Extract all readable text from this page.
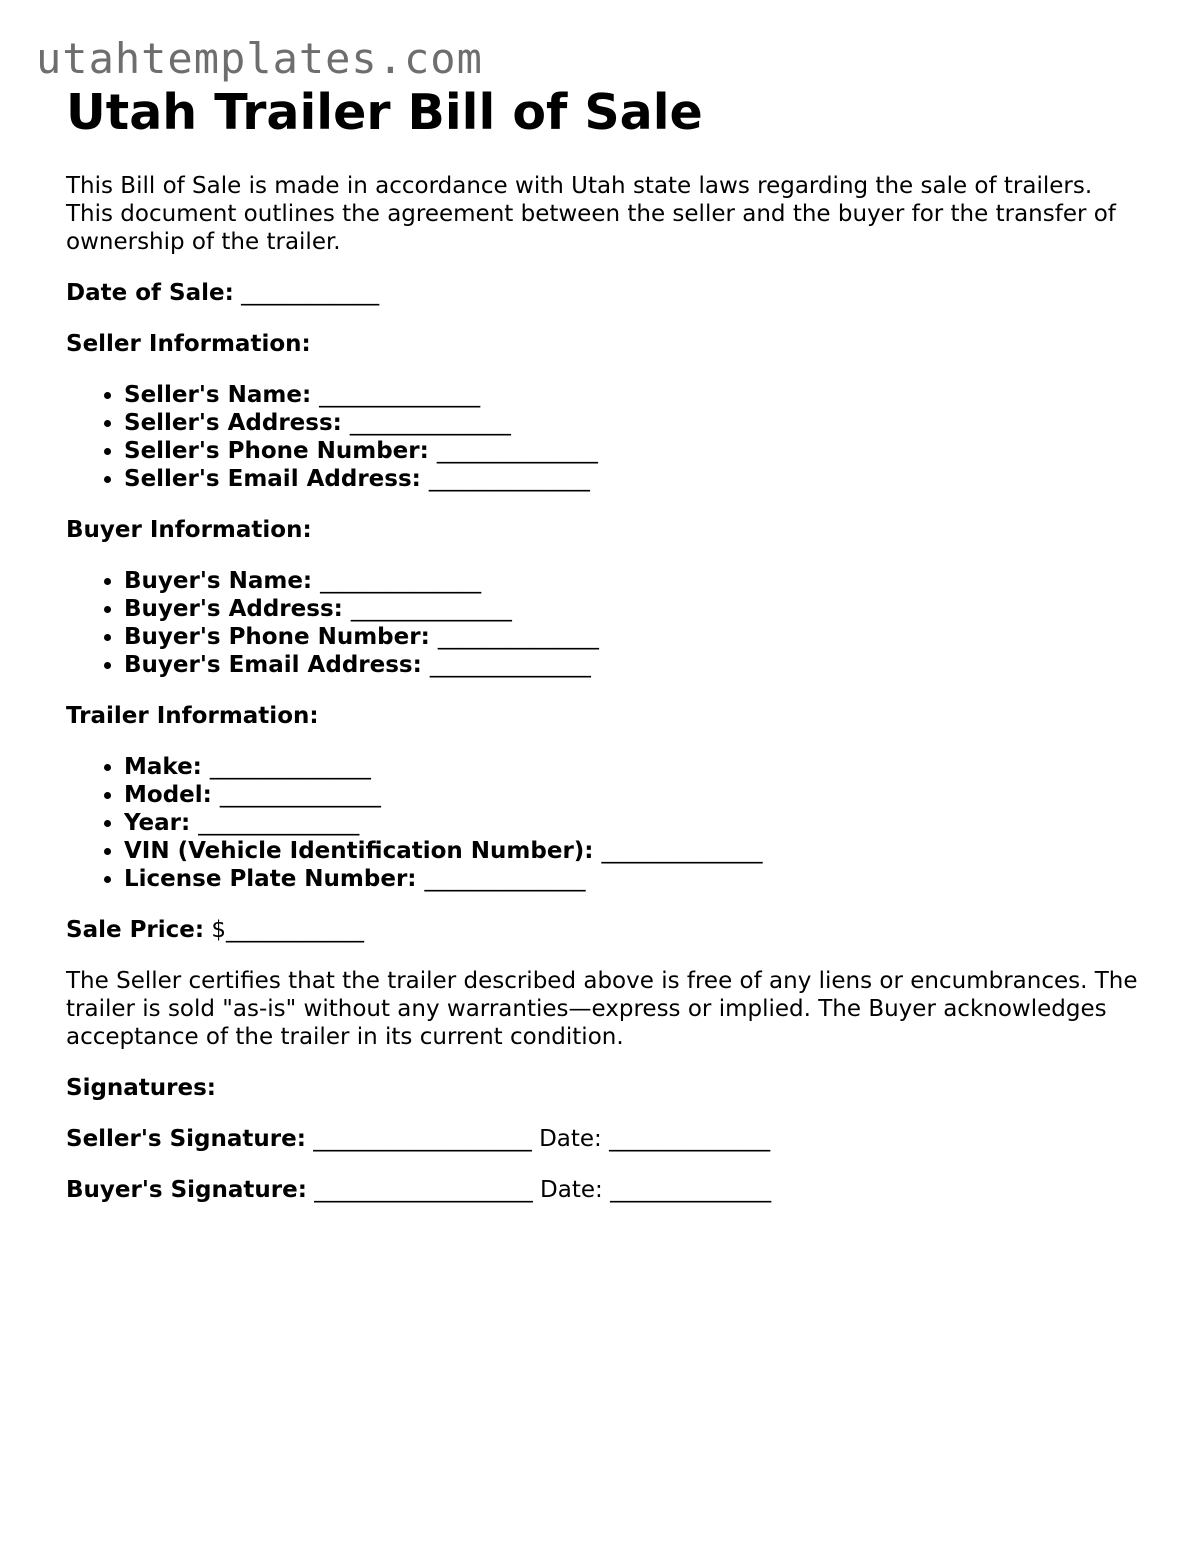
utahtemplates.com
Utah Trailer Bill of Sale

This Bill of Sale is made in accordance with Utah state laws regarding the sale of trailers. This document outlines the agreement between the seller and the buyer for the transfer of ownership of the trailer.

Date of Sale: ____________

Seller Information:

• Seller's Name: ______________
• Seller's Address: ______________
• Seller's Phone Number: ______________
• Seller's Email Address: ______________

Buyer Information:

• Buyer's Name: ______________
• Buyer's Address: ______________
• Buyer's Phone Number: ______________
• Buyer's Email Address: ______________

Trailer Information:

• Make: ______________
• Model: ______________
• Year: ______________
• VIN (Vehicle Identification Number): ______________
• License Plate Number: ______________

Sale Price: $____________

The Seller certifies that the trailer described above is free of any liens or encumbrances. The trailer is sold "as-is" without any warranties—express or implied. The Buyer acknowledges acceptance of the trailer in its current condition.

Signatures:

Seller's Signature: ___________________ Date: ______________

Buyer's Signature: ___________________ Date: ______________
